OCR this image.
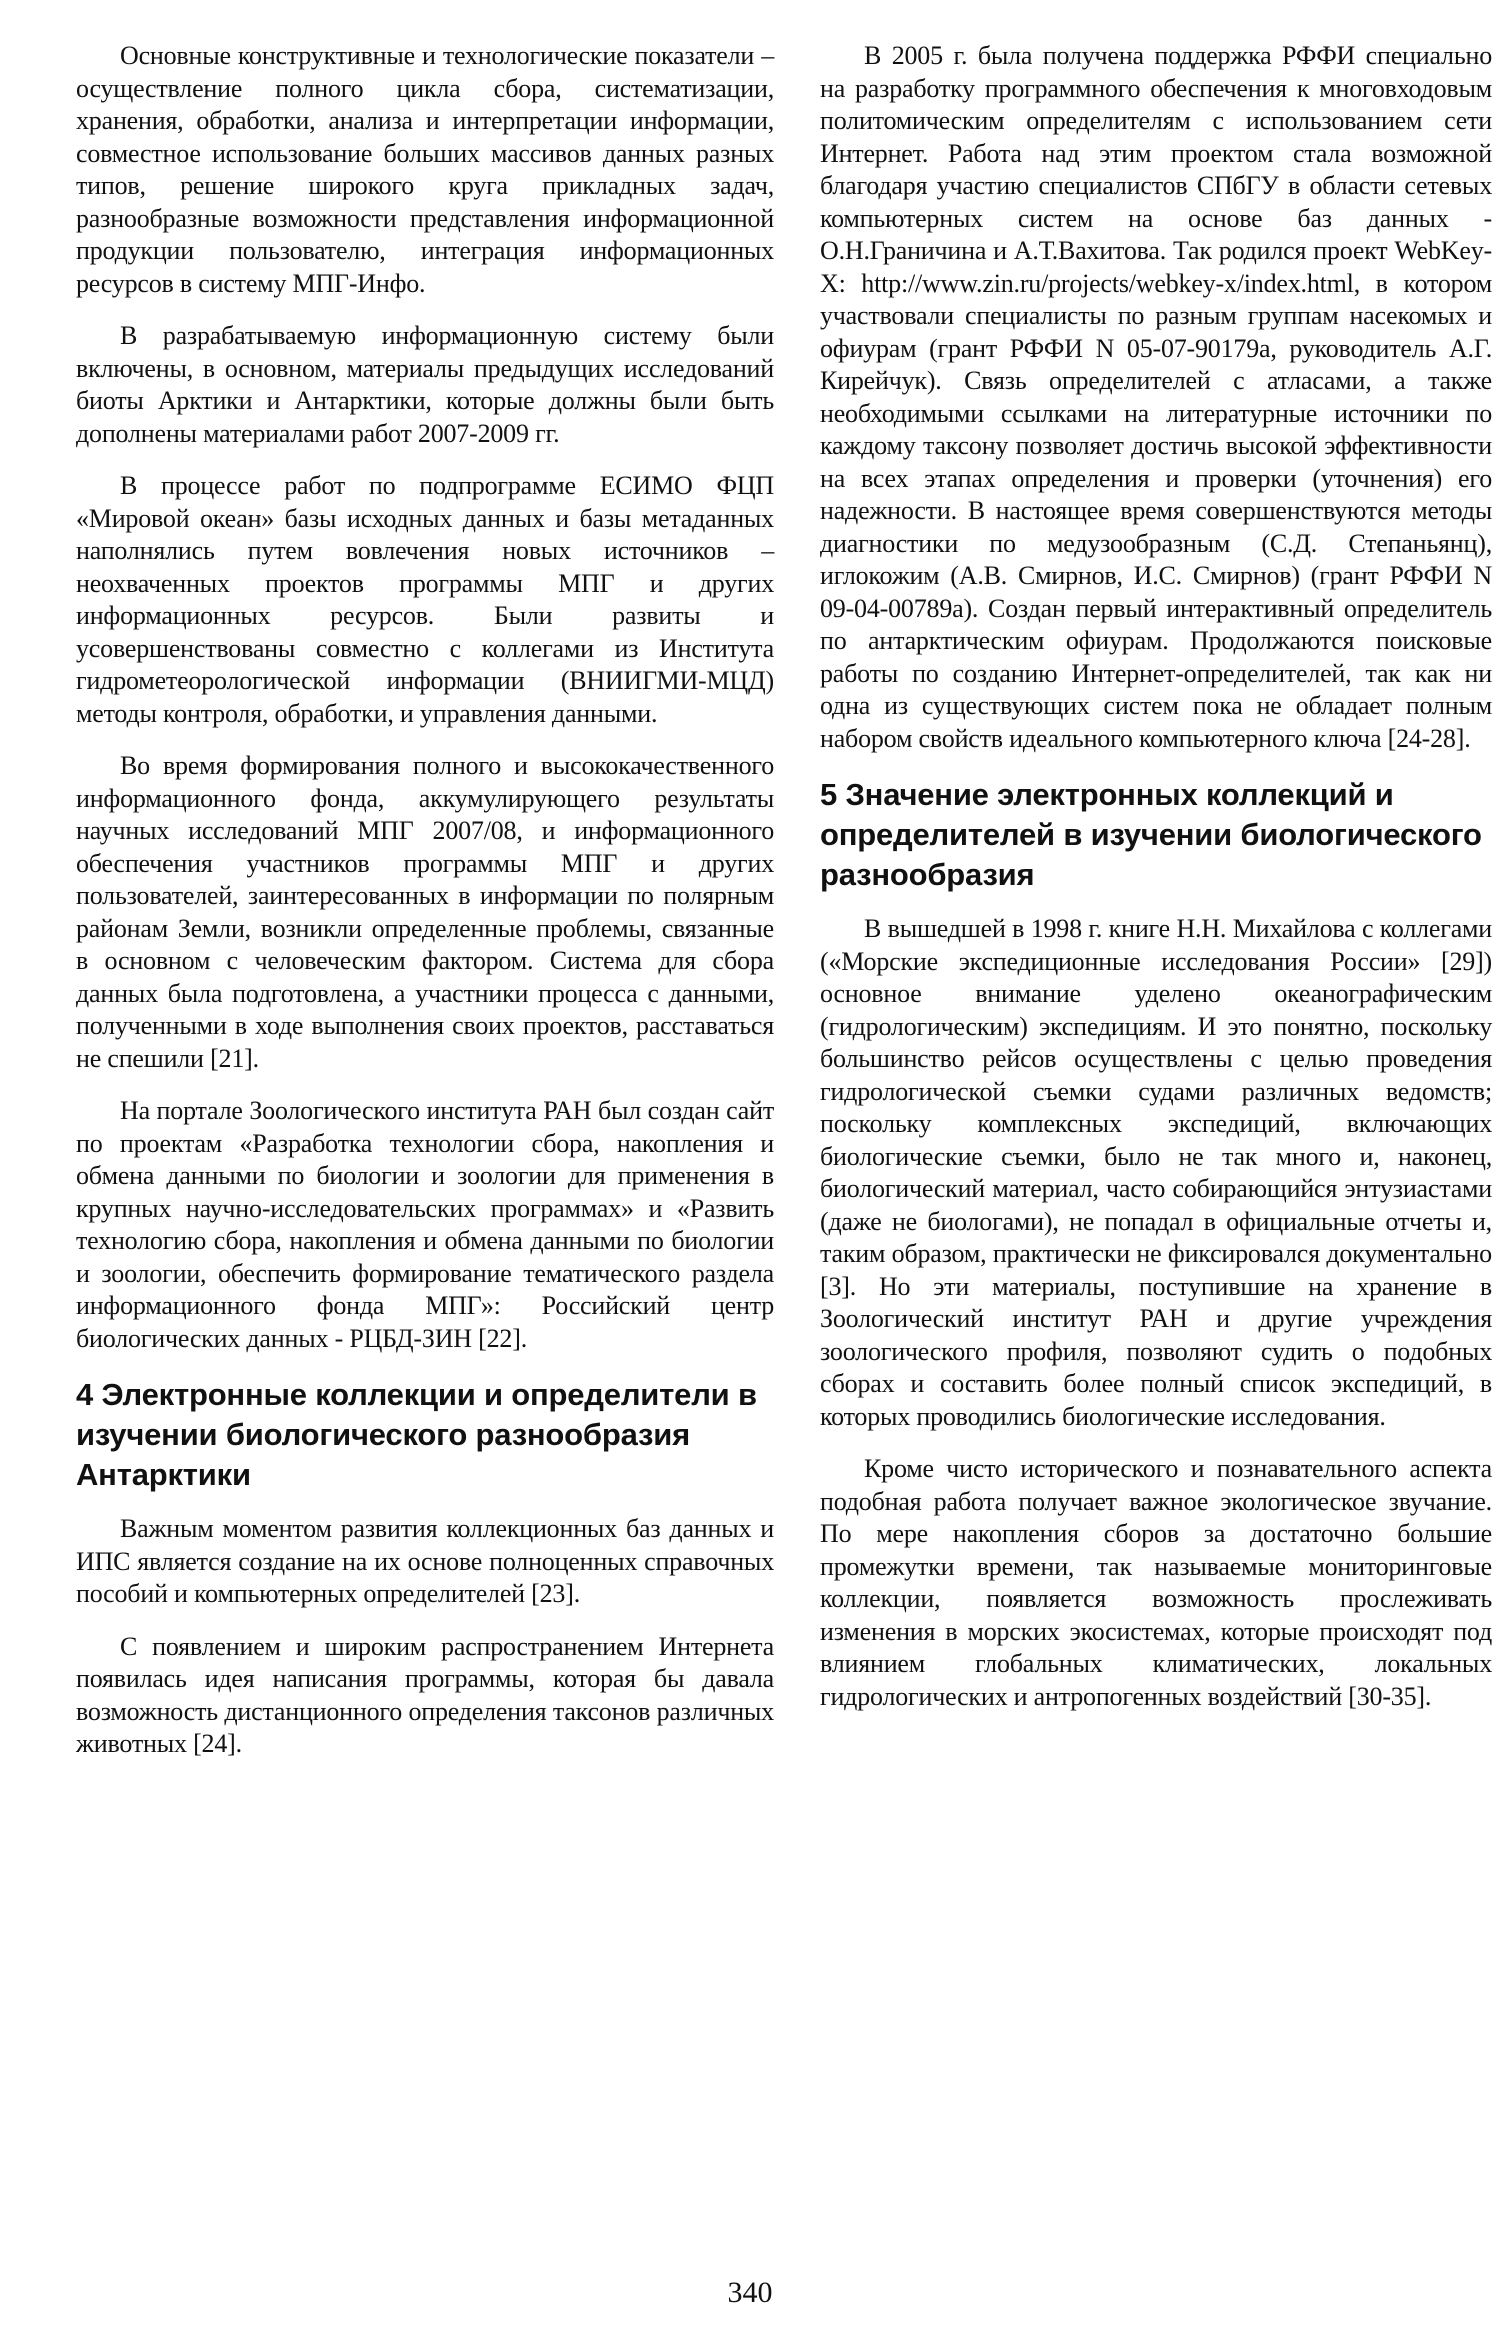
Основные конструктивные и технологические показатели – осуществление полного цикла сбора, систематизации, хранения, обработки, анализа и интерпретации информации, совместное использование больших массивов данных разных типов, решение широкого круга прикладных задач, разнообразные возможности представления информационной продукции пользователю, интеграция информационных ресурсов в систему МПГ-Инфо.

В разрабатываемую информационную систему были включены, в основном, материалы предыдущих исследований биоты Арктики и Антарктики, которые должны были быть дополнены материалами работ 2007-2009 гг.

В процессе работ по подпрограмме ЕСИМО ФЦП «Мировой океан» базы исходных данных и базы метаданных наполнялись путем вовлечения новых источников – неохваченных проектов программы МПГ и других информационных ресурсов. Были развиты и усовершенствованы совместно с коллегами из Института гидрометеорологической информации (ВНИИГМИ-МЦД) методы контроля, обработки, и управления данными.

Во время формирования полного и высококачественного информационного фонда, аккумулирующего результаты научных исследований МПГ 2007/08, и информационного обеспечения участников программы МПГ и других пользователей, заинтересованных в информации по полярным районам Земли, возникли определенные проблемы, связанные в основном с человеческим фактором. Система для сбора данных была подготовлена, а участники процесса с данными, полученными в ходе выполнения своих проектов, расставаться не спешили [21].

На портале Зоологического института РАН был создан сайт по проектам «Разработка технологии сбора, накопления и обмена данными по биологии и зоологии для применения в крупных научно-исследовательских программах» и «Развить технологию сбора, накопления и обмена данными по биологии и зоологии, обеспечить формирование тематического раздела информационного фонда МПГ»: Российский центр биологических данных - РЦБД-ЗИН [22].

4 Электронные коллекции и определители в изучении биологического разнообразия Антарктики

Важным моментом развития коллекционных баз данных и ИПС является создание на их основе полноценных справочных пособий и компьютерных определителей [23].

С появлением и широким распространением Интернета появилась идея написания программы, которая бы давала возможность дистанционного определения таксонов различных животных [24].

В 2005 г. была получена поддержка РФФИ специально на разработку программного обеспечения к многовходовым политомическим определителям с использованием сети Интернет. Работа над этим проектом стала возможной благодаря участию специалистов СПбГУ в области сетевых компьютерных систем на основе баз данных - О.Н.Граничина и А.Т.Вахитова. Так родился проект WebKey-X: http://www.zin.ru/projects/webkey-x/index.html, в котором участвовали специалисты по разным группам насекомых и офиурам (грант РФФИ N 05-07-90179а, руководитель А.Г. Кирейчук). Связь определителей с атласами, а также необходимыми ссылками на литературные источники по каждому таксону позволяет достичь высокой эффективности на всех этапах определения и проверки (уточнения) его надежности. В настоящее время совершенствуются методы диагностики по медузообразным (С.Д. Степаньянц), иглокожим (А.В. Смирнов, И.С. Смирнов) (грант РФФИ N 09-04-00789а). Создан первый интерактивный определитель по антарктическим офиурам. Продолжаются поисковые работы по созданию Интернет-определителей, так как ни одна из существующих систем пока не обладает полным набором свойств идеального компьютерного ключа [24-28].

5 Значение электронных коллекций и определителей в изучении биологического разнообразия

В вышедшей в 1998 г. книге Н.Н. Михайлова с коллегами («Морские экспедиционные исследования России» [29]) основное внимание уделено океанографическим (гидрологическим) экспедициям. И это понятно, поскольку большинство рейсов осуществлены с целью проведения гидрологической съемки судами различных ведомств; поскольку комплексных экспедиций, включающих биологические съемки, было не так много и, наконец, биологический материал, часто собирающийся энтузиастами (даже не биологами), не попадал в официальные отчеты и, таким образом, практически не фиксировался документально [3]. Но эти материалы, поступившие на хранение в Зоологический институт РАН и другие учреждения зоологического профиля, позволяют судить о подобных сборах и составить более полный список экспедиций, в которых проводились биологические исследования.

Кроме чисто исторического и познавательного аспекта подобная работа получает важное экологическое звучание. По мере накопления сборов за достаточно большие промежутки времени, так называемые мониторинговые коллекции, появляется возможность прослеживать изменения в морских экосистемах, которые происходят под влиянием глобальных климатических, локальных гидрологических и антропогенных воздействий [30-35].

340
